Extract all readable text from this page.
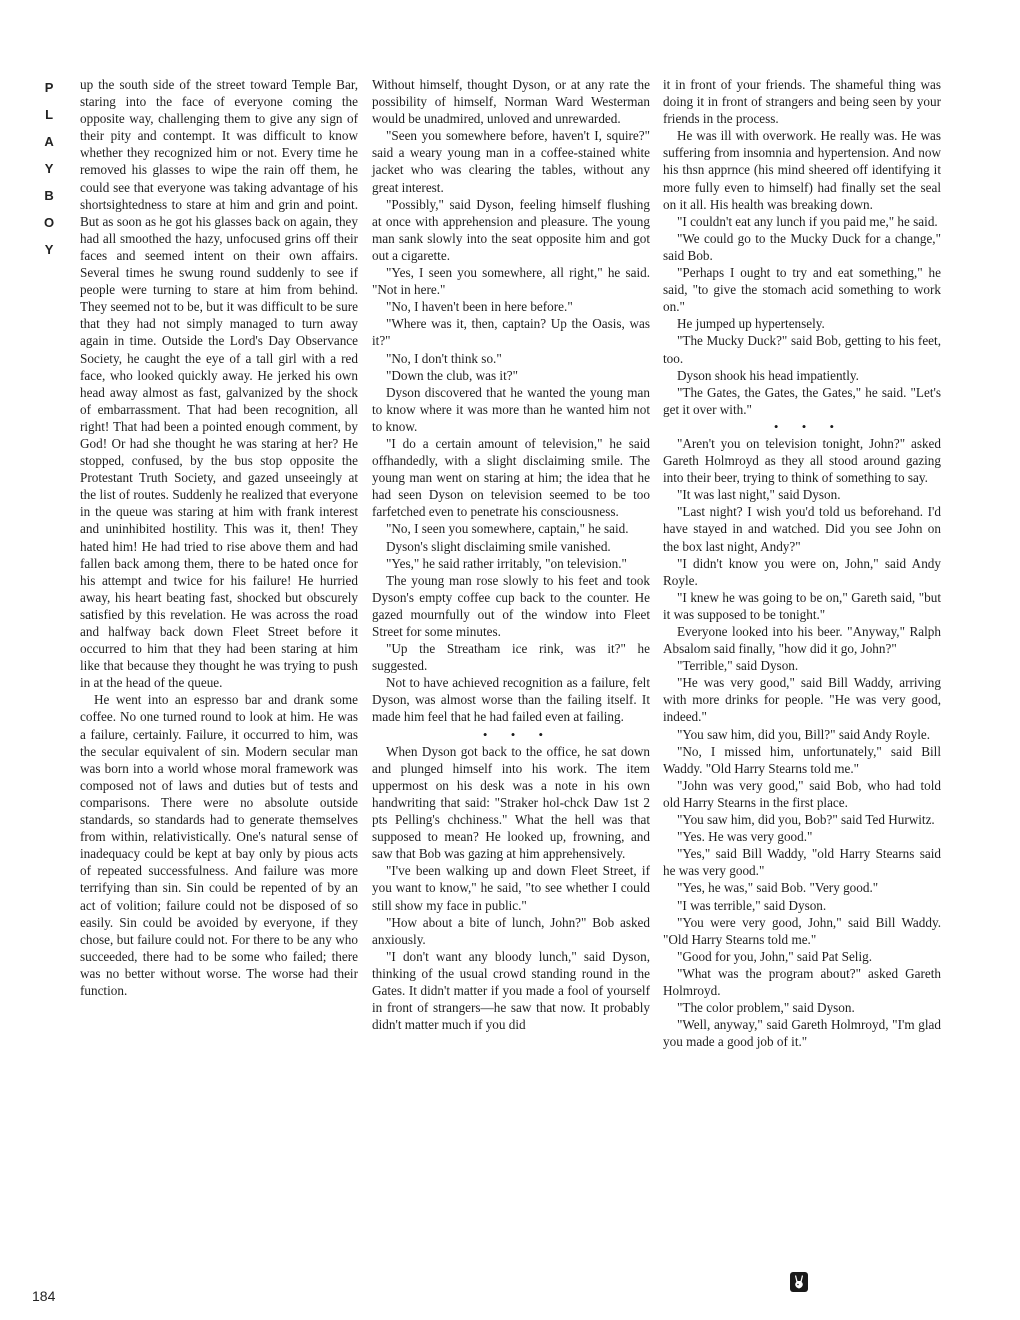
P
L
A
Y
B
O
Y

up the south side of the street toward Temple Bar, staring into the face of everyone coming the opposite way, challenging them to give any sign of their pity and contempt. It was difficult to know whether they recognized him or not. Every time he removed his glasses to wipe the rain off them, he could see that everyone was taking advantage of his shortsightedness to stare at him and grin and point. But as soon as he got his glasses back on again, they had all smoothed the hazy, unfocused grins off their faces and seemed intent on their own affairs. Several times he swung round suddenly to see if people were turning to stare at him from behind. They seemed not to be, but it was difficult to be sure that they had not simply managed to turn away again in time. Outside the Lord's Day Observance Society, he caught the eye of a tall girl with a red face, who looked quickly away. He jerked his own head away almost as fast, galvanized by the shock of embarrassment. That had been recognition, all right! That had been a pointed enough comment, by God! Or had she thought he was staring at her? He stopped, confused, by the bus stop opposite the Protestant Truth Society, and gazed unseeingly at the list of routes. Suddenly he realized that everyone in the queue was staring at him with frank interest and uninhibited hostility. This was it, then! They hated him! He had tried to rise above them and had fallen back among them, there to be hated once for his attempt and twice for his failure! He hurried away, his heart beating fast, shocked but obscurely satisfied by this revelation. He was across the road and halfway back down Fleet Street before it occurred to him that they had been staring at him like that because they thought he was trying to push in at the head of the queue.

He went into an espresso bar and drank some coffee. No one turned round to look at him. He was a failure, certainly. Failure, it occurred to him, was the secular equivalent of sin. Modern secular man was born into a world whose moral framework was composed not of laws and duties but of tests and comparisons. There were no absolute outside standards, so standards had to generate themselves from within, relativistically. One's natural sense of inadequacy could be kept at bay only by pious acts of repeated successfulness. And failure was more terrifying than sin. Sin could be repented of by an act of volition; failure could not be disposed of so easily. Sin could be avoided by everyone, if they chose, but failure could not. For there to be any who succeeded, there had to be some who failed; there was no better without worse. The worse had their function.

Without himself, thought Dyson, or at any rate the possibility of himself, Norman Ward Westerman would be unadmired, unloved and unrewarded.

"Seen you somewhere before, haven't I, squire?" said a weary young man in a coffee-stained white jacket who was clearing the tables, without any great interest.

"Possibly," said Dyson, feeling himself flushing at once with apprehension and pleasure. The young man sank slowly into the seat opposite him and got out a cigarette.

"Yes, I seen you somewhere, all right," he said. "Not in here."

"No, I haven't been in here before."

"Where was it, then, captain? Up the Oasis, was it?"

"No, I don't think so."

"Down the club, was it?"

Dyson discovered that he wanted the young man to know where it was more than he wanted him not to know.

"I do a certain amount of television," he said offhandedly, with a slight disclaiming smile. The young man went on staring at him; the idea that he had seen Dyson on television seemed to be too farfetched even to penetrate his consciousness.

"No, I seen you somewhere, captain," he said.

Dyson's slight disclaiming smile vanished.

"Yes," he said rather irritably, "on television."

The young man rose slowly to his feet and took Dyson's empty coffee cup back to the counter. He gazed mournfully out of the window into Fleet Street for some minutes.

"Up the Streatham ice rink, was it?" he suggested.

Not to have achieved recognition as a failure, felt Dyson, was almost worse than the failing itself. It made him feel that he had failed even at failing.

• • •

When Dyson got back to the office, he sat down and plunged himself into his work. The item uppermost on his desk was a note in his own handwriting that said: "Straker hol-chck Daw 1st 2 pts Pelling's chchiness." What the hell was that supposed to mean? He looked up, frowning, and saw that Bob was gazing at him apprehensively.

"I've been walking up and down Fleet Street, if you want to know," he said, "to see whether I could still show my face in public."

"How about a bite of lunch, John?" Bob asked anxiously.

"I don't want any bloody lunch," said Dyson, thinking of the usual crowd standing round in the Gates. It didn't matter if you made a fool of yourself in front of strangers—he saw that now. It probably didn't matter much if you did

it in front of your friends. The shameful thing was doing it in front of strangers and being seen by your friends in the process.

He was ill with overwork. He really was. He was suffering from insomnia and hypertension. And now his thsn apprnce (his mind sheered off identifying it more fully even to himself) had finally set the seal on it all. His health was breaking down.

"I couldn't eat any lunch if you paid me," he said.

"We could go to the Mucky Duck for a change," said Bob.

"Perhaps I ought to try and eat something," he said, "to give the stomach acid something to work on."

He jumped up hypertensely.

"The Mucky Duck?" said Bob, getting to his feet, too.

Dyson shook his head impatiently.

"The Gates, the Gates, the Gates," he said. "Let's get it over with."

• • •

"Aren't you on television tonight, John?" asked Gareth Holmroyd as they all stood around gazing into their beer, trying to think of something to say.

"It was last night," said Dyson.

"Last night? I wish you'd told us beforehand. I'd have stayed in and watched. Did you see John on the box last night, Andy?"

"I didn't know you were on, John," said Andy Royle.

"I knew he was going to be on," Gareth said, "but it was supposed to be tonight."

Everyone looked into his beer. "Anyway," Ralph Absalom said finally, "how did it go, John?"

"Terrible," said Dyson.

"He was very good," said Bill Waddy, arriving with more drinks for people. "He was very good, indeed."

"You saw him, did you, Bill?" said Andy Royle.

"No, I missed him, unfortunately," said Bill Waddy. "Old Harry Stearns told me."

"John was very good," said Bob, who had told old Harry Stearns in the first place.

"You saw him, did you, Bob?" said Ted Hurwitz.

"Yes. He was very good."

"Yes," said Bill Waddy, "old Harry Stearns said he was very good."

"Yes, he was," said Bob. "Very good."

"I was terrible," said Dyson.

"You were very good, John," said Bill Waddy. "Old Harry Stearns told me."

"Good for you, John," said Pat Selig.

"What was the program about?" asked Gareth Holmroyd.

"The color problem," said Dyson.

"Well, anyway," said Gareth Holmroyd, "I'm glad you made a good job of it."

184
